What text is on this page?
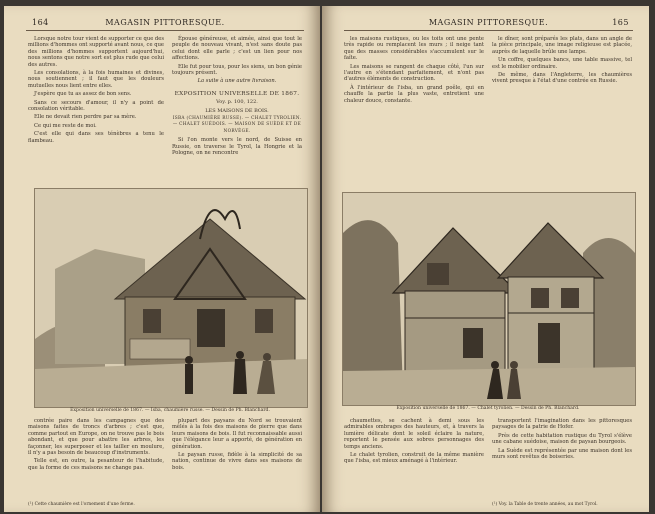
164	MAGASIN PITTORESQUE.

Lorsque notre tour vient de supporter ce que des millions d'hommes ont supporté avant nous, ce que des millions d'hommes supportent aujourd'hui, nous sentons que notre sort est plus rude que celui des autres.

Les consolations, à la fois humaines et divines, nous soutiennent ; il faut que les douleurs mutuelles nous lient entre elles.

J'espère que tu as assez de bon sens.

Sans ce secours d'amour, il n'y a point de consolation véritable.

Elle ne devait rien perdre par sa mère.

Ce qui me reste de moi.

C'est elle qui dans ses ténèbres a tenu le flambeau.

Épouse généreuse, et aimée, ainsi que tout le peuple de nouveau vivant, n'est sans doute pas celui dont elle parle ; c'est un lien pour nos affections.

Elle fut pour tous, pour les siens, un bon génie toujours présent.

La suite à une autre livraison.

EXPOSITION UNIVERSELLE DE 1867.

Voy. p. 100, 122.

LES MAISONS DE BOIS.

ISBA (CHAUMIÈRE RUSSE). — CHALET TYROLIEN. — CHALET SUÉDOIS. — MAISON DE SUÈDE ET DE NORVÈGE.

Si l'on monte vers le nord, de Suisse en Russie, on traverse le Tyrol, la Hongrie et la Pologne, on ne rencontre

Exposition universelle de 1867. — Isba, chaumière russe. — Dessin de Ph. Blanchard.

contrée paire dans les campagnes que des maisons faites de troncs d'arbres ; c'est que, comme partout en Europe, on ne trouve pas le bois abondant, et que pour abattre les arbres, les façonner, les superposer et les tailler en moulure, il n'y a pas besoin de beaucoup d'instruments.

Telle est, en outre, la pesanteur de l'habitude, que la forme de ces maisons ne change pas.

plupart des paysans du Nord se trouvaient mêlés à la fois des maisons de pierre que dans leurs maisons de bois. Il fut reconnaissable aussi que l'élégance leur a apporté, de génération en génération.

Le paysan russe, fidèle à la simplicité de sa nation, continue de vivre dans ses maisons de bois.

(¹) Cette chaumière est l'ornement d'une ferme.
MAGASIN PITTORESQUE.	165

les maisons rustiques, ou les toits ont une pente très rapide ou remplacent les murs ; il neige tant que des masses considérables s'accumulent sur le faîte.

Les maisons se rangent de chaque côté, l'un sur l'autre en s'étendant parfaitement, et n'ont pas d'autres éléments de construction.

À l'intérieur de l'isba, un grand poêle, qui en chauffe la partie la plus vaste, entretient une chaleur douce, constante.

le dîner, sont préparés les plats, dans un angle de la pièce principale, une image religieuse est placée, auprès de laquelle brûle une lampe.

Un coffre, quelques bancs, une table massive, tel est le mobilier ordinaire.

De même, dans l'Angleterre, les chaumières vivent presque à l'état d'une contrée en Russie.

Exposition universelle de 1867. — Chalet tyrolien. — Dessin de Ph. Blanchard.

chaumettes, se cachent à demi sous les admirables ombrages des hauteurs, et, à travers la lumière délicate dont le soleil éclaire la nature, reportent le pensée aux sobres personnages des temps anciens.

Le chalet tyrolien, construit de la même manière que l'isba, est mieux aménagé à l'intérieur.

transportent l'imagination dans les pittoresques paysages de la patrie de Hofer.

Près de cette habitation rustique du Tyrol s'élève une cabane suédoise, maison de paysan bourgeois.

La Suède est représentée par une maison dont les murs sont revêtus de boiseries.

(¹) Voy. la Table de trente années, au mot Tyrol.
